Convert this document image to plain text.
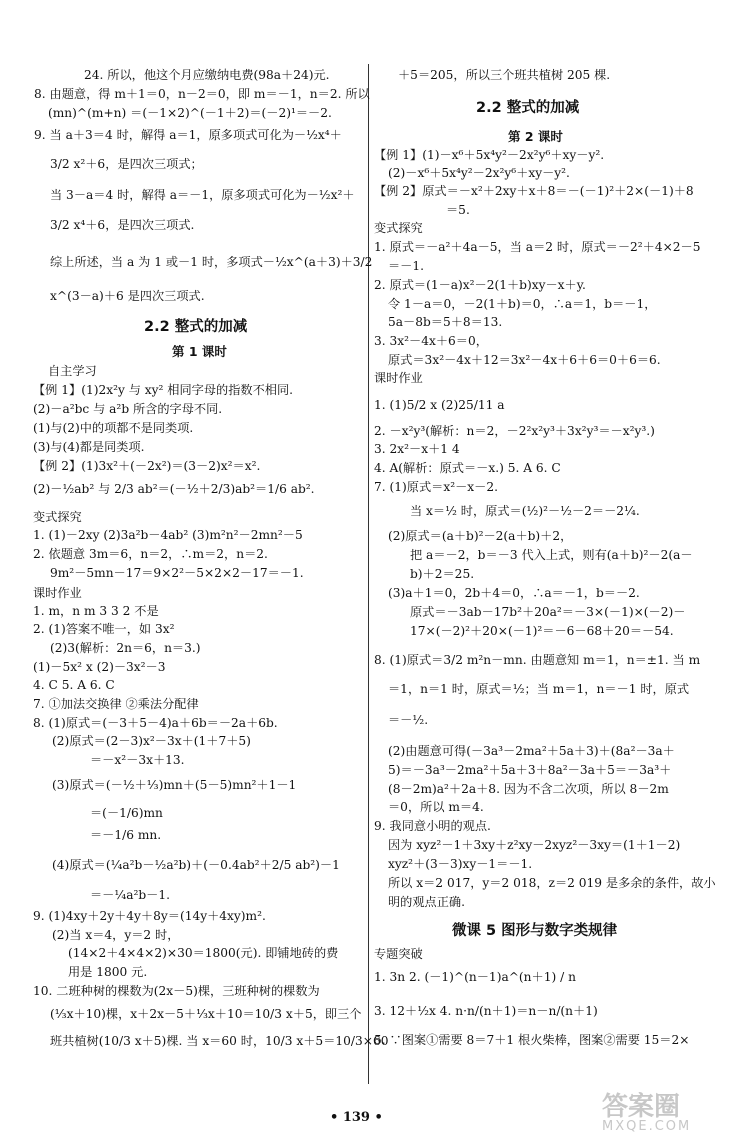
• 139 •	答案圈
MXQE.COM
24. 所以，他这个月应缴纳电费(98a＋24)元.
8. 由题意，得 m＋1＝0，n－2＝0，即 m＝－1，n＝2. 所以
(mn)^(m+n) ＝(－1×2)^(－1＋2)＝(－2)¹＝－2.
9. 当 a＋3＝4 时，解得 a＝1，原多项式可化为－½x⁴＋
3/2 x²＋6，是四次三项式；
当 3－a＝4 时，解得 a＝－1，原多项式可化为－½x²＋
3/2 x⁴＋6，是四次三项式.
综上所述，当 a 为 1 或－1 时，多项式－½x^(a＋3)＋3/2
x^(3－a)＋6 是四次三项式.
自主学习
【例 1】(1)2x²y 与 xy² 相同字母的指数不相同.
(2)－a²bc 与 a²b 所含的字母不同.
(1)与(2)中的项都不是同类项.
(3)与(4)都是同类项.
【例 2】(1)3x²＋(－2x²)＝(3－2)x²＝x².
(2)－½ab² 与 2/3 ab²＝(－½＋2/3)ab²＝1/6 ab².
变式探究
1. (1)－2xy (2)3a²b－4ab² (3)m²n²－2mn²－5
2. 依题意 3m＝6，n＝2，∴m＝2，n＝2.
9m²－5mn－17＝9×2²－5×2×2－17＝－1.
课时作业
1. m，n m 3 3 2 不是
2. (1)答案不唯一，如 3x²
(2)3(解析：2n＝6，n＝3.)
(1)－5x² x (2)－3x²－3
4. C 5. A 6. C
7. ①加法交换律 ②乘法分配律
8. (1)原式＝(－3＋5－4)a＋6b＝－2a＋6b.
(2)原式＝(2－3)x²－3x＋(1＋7＋5)
＝－x²－3x＋13.
(3)原式＝(－½＋⅓)mn＋(5－5)mn²＋1－1
＝(－1/6)mn
＝－1/6 mn.
(4)原式＝(¼a²b－½a²b)＋(－0.4ab²＋2/5 ab²)－1
＝－¼a²b－1.
9. (1)4xy＋2y＋4y＋8y＝(14y＋4xy)m².
(2)当 x＝4，y＝2 时，
(14×2＋4×4×2)×30＝1800(元). 即铺地砖的费
用是 1800 元.
10. 二班种树的棵数为(2x－5)棵，三班种树的棵数为
(⅓x＋10)棵，x＋2x－5＋⅓x＋10＝10/3 x＋5，即三个
班共植树(10/3 x＋5)棵. 当 x＝60 时，10/3 x＋5＝10/3×60
＋5＝205，所以三个班共植树 205 棵.
【例 1】(1)－x⁶＋5x⁴y²－2x²y⁶＋xy－y².
(2)－x⁶＋5x⁴y²－2x²y⁶＋xy－y².
【例 2】原式＝－x²＋2xy＋x＋8＝－(－1)²＋2×(－1)＋8
＝5.
变式探究
1. 原式＝－a²＋4a－5，当 a＝2 时，原式＝－2²＋4×2－5
＝－1.
2. 原式＝(1－a)x²－2(1＋b)xy－x＋y.
令 1－a＝0，－2(1＋b)＝0，∴a＝1，b＝－1，
5a－8b＝5＋8＝13.
3. 3x²－4x＋6＝0，
原式＝3x²－4x＋12＝3x²－4x＋6＋6＝0＋6＝6.
课时作业
1. (1)5/2 x (2)25/11 a
2. －x²y³(解析：n＝2，－2²x²y³＋3x²y³＝－x²y³.)
3. 2x²－x＋1 4
4. A(解析：原式＝－x.) 5. A 6. C
7. (1)原式＝x²－x－2.
当 x＝½ 时，原式＝(½)²－½－2＝－2¼.
(2)原式＝(a＋b)²－2(a＋b)＋2，
把 a＝－2，b＝－3 代入上式，则有(a＋b)²－2(a－
b)＋2＝25.
(3)a＋1＝0，2b＋4＝0，∴a＝－1，b＝－2.
原式＝－3ab－17b²＋20a²＝－3×(－1)×(－2)－
17×(－2)²＋20×(－1)²＝－6－68＋20＝－54.
8. (1)原式＝3/2 m²n－mn. 由题意知 m＝1，n＝±1. 当 m
＝1，n＝1 时，原式＝½；当 m＝1，n＝－1 时，原式
＝－½.
(2)由题意可得(－3a³－2ma²＋5a＋3)＋(8a²－3a＋
5)＝－3a³－2ma²＋5a＋3＋8a²－3a＋5＝－3a³＋
(8－2m)a²＋2a＋8. 因为不含二次项，所以 8－2m
＝0，所以 m＝4.
9. 我同意小明的观点.
因为 xyz²－1＋3xy＋z²xy－2xyz²－3xy＝(1＋1－2)
xyz²＋(3－3)xy－1＝－1.
所以 x＝2 017，y＝2 018，z＝2 019 是多余的条件，故小
明的观点正确.
专题突破
1. 3n 2. (－1)^(n－1)a^(n＋1) / n
3. 12＋½x 4. n·n/(n＋1)＝n－n/(n＋1)
5. ∵图案①需要 8＝7＋1 根火柴棒，图案②需要 15＝2×
2.2 整式的加减
第 1 课时
2.2 整式的加减
第 2 课时
微课 5 图形与数字类规律
